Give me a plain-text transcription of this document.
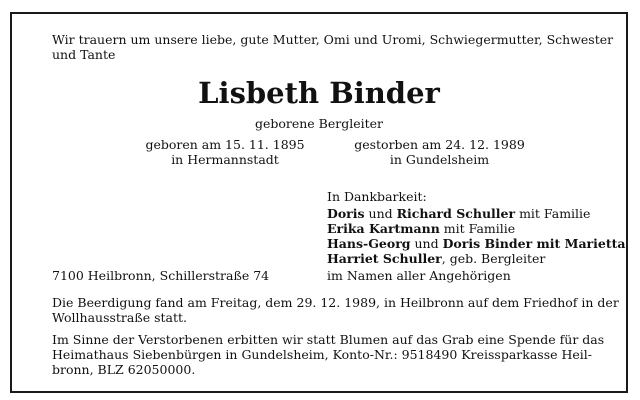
Wir trauern um unsere liebe, gute Mutter, Omi und Uromi, Schwiegermutter, Schwester
und Tante
Lisbeth Binder
geborene Bergleiter
geboren am 15. 11. 1895
in Hermannstadt
gestorben am 24. 12. 1989
in Gundelsheim
In Dankbarkeit:
Doris und Richard Schuller mit Familie
Erika Kartmann mit Familie
Hans-Georg und Doris Binder mit Marietta
Harriet Schuller, geb. Bergleiter
7100 Heilbronn, Schillerstraße 74	im Namen aller Angehörigen
Die Beerdigung fand am Freitag, dem 29. 12. 1989, in Heilbronn auf dem Friedhof in der
Wollhausstraße statt.
Im Sinne der Verstorbenen erbitten wir statt Blumen auf das Grab eine Spende für das
Heimathaus Siebenbürgen in Gundelsheim, Konto-Nr.: 9518490 Kreissparkasse Heil-
bronn, BLZ 62050000.
